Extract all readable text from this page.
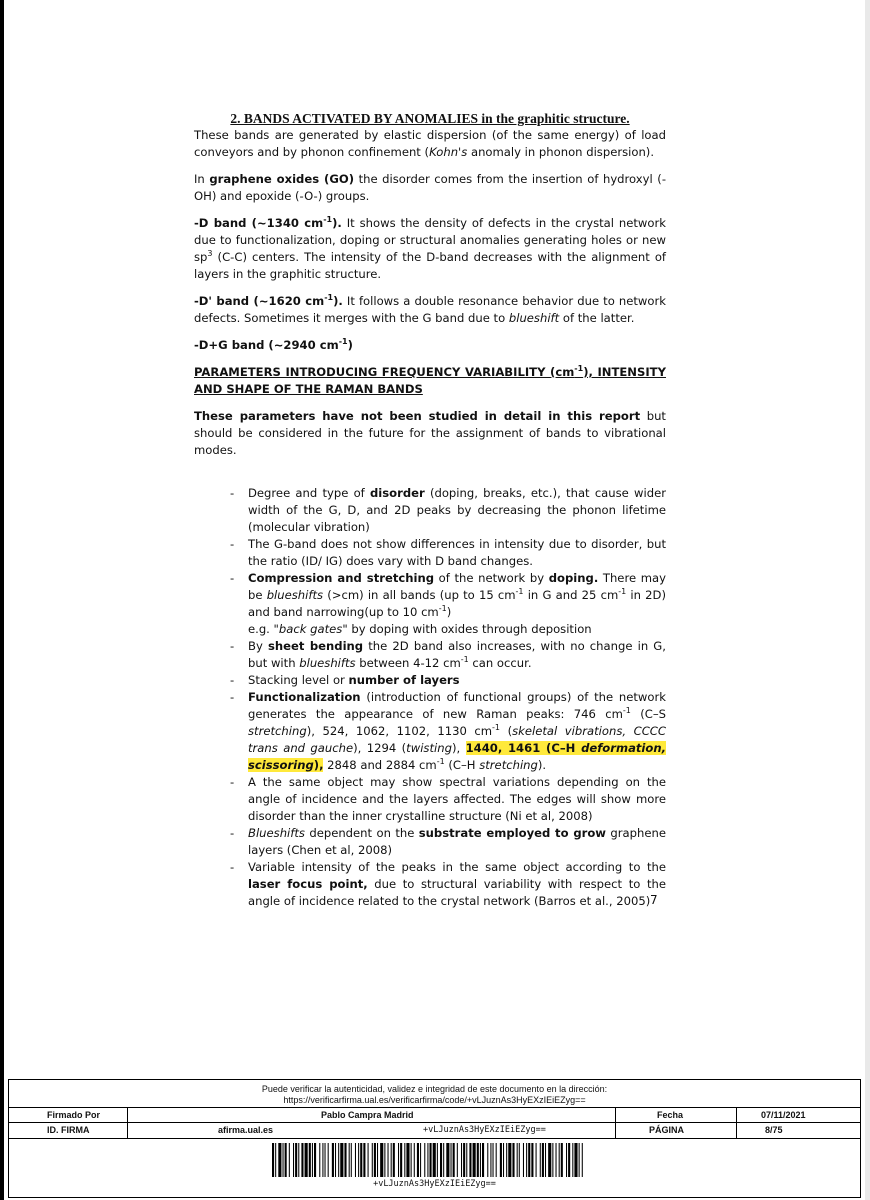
2. BANDS ACTIVATED BY ANOMALIES in the graphitic structure.

These bands are generated by elastic dispersion (of the same energy) of load conveyors and by phonon confinement (Kohn's anomaly in phonon dispersion).

In graphene oxides (GO) the disorder comes from the insertion of hydroxyl (-OH) and epoxide (-O-) groups.

-D band (~1340 $cm^{-1}$). It shows the density of defects in the crystal network due to functionalization, doping or structural anomalies generating holes or new $sp^3$ (C-C) centers. The intensity of the D-band decreases with the alignment of layers in the graphitic structure.

-D' band (~1620 $cm^{-1}$). It follows a double resonance behavior due to network defects. Sometimes it merges with the G band due to blueshift of the latter.

-D+G band (~2940 $cm^{-1}$)

PARAMETERS INTRODUCING FREQUENCY VARIABILITY $(cm^{-1})$, INTENSITY AND SHAPE OF THE RAMAN BANDS

These parameters have not been studied in detail in this report but should be considered in the future for the assignment of bands to vibrational modes.

- Degree and type of disorder (doping, breaks, etc.), that cause wider width of the G, D, and 2D peaks by decreasing the phonon lifetime (molecular vibration)
- The G-band does not show differences in intensity due to disorder, but the ratio (ID/ IG) does vary with D band changes.
- Compression and stretching of the network by doping. There may be blueshifts (>cm) in all bands (up to 15 $cm^{-1}$ in G and 25 $cm^{-1}$ in 2D) and band narrowing(up to 10 $cm^{-1}$)
e.g. "back gates" by doping with oxides through deposition
- By sheet bending the 2D band also increases, with no change in G, but with blueshifts between 4-12 $cm^{-1}$ can occur.
- Stacking level or number of layers
- Functionalization (introduction of functional groups) of the network generates the appearance of new Raman peaks: 746 $cm^{-1}$ (C–S stretching), 524, 1062, 1102, 1130 $cm^{-1}$ (skeletal vibrations, CCCC trans and gauche), 1294 (twisting), 1440, 1461 (C–H deformation, scissoring), 2848 and 2884 $cm^{-1}$ (C–H stretching).
- A the same object may show spectral variations depending on the angle of incidence and the layers affected. The edges will show more disorder than the inner crystalline structure (Ni et al, 2008)
- Blueshifts dependent on the substrate employed to grow graphene layers (Chen et al, 2008)
- Variable intensity of the peaks in the same object according to the laser focus point, due to structural variability with respect to the angle of incidence related to the crystal network (Barros et al., 2005) 7
Puede verificar la autenticidad, validez e integridad de este documento en la dirección:
https://verificarfirma.ual.es/verificarfirma/code/+vLJuznAs3HyEXzIEiEZyg==
Firmado Por	Pablo Campra Madrid	Fecha	07/11/2021
ID. FIRMA	afirma.ual.es	+vLJuznAs3HyEXzIEiEZyg==	PÁGINA	8/75
+vLJuznAs3HyEXzIEiEZyg==
